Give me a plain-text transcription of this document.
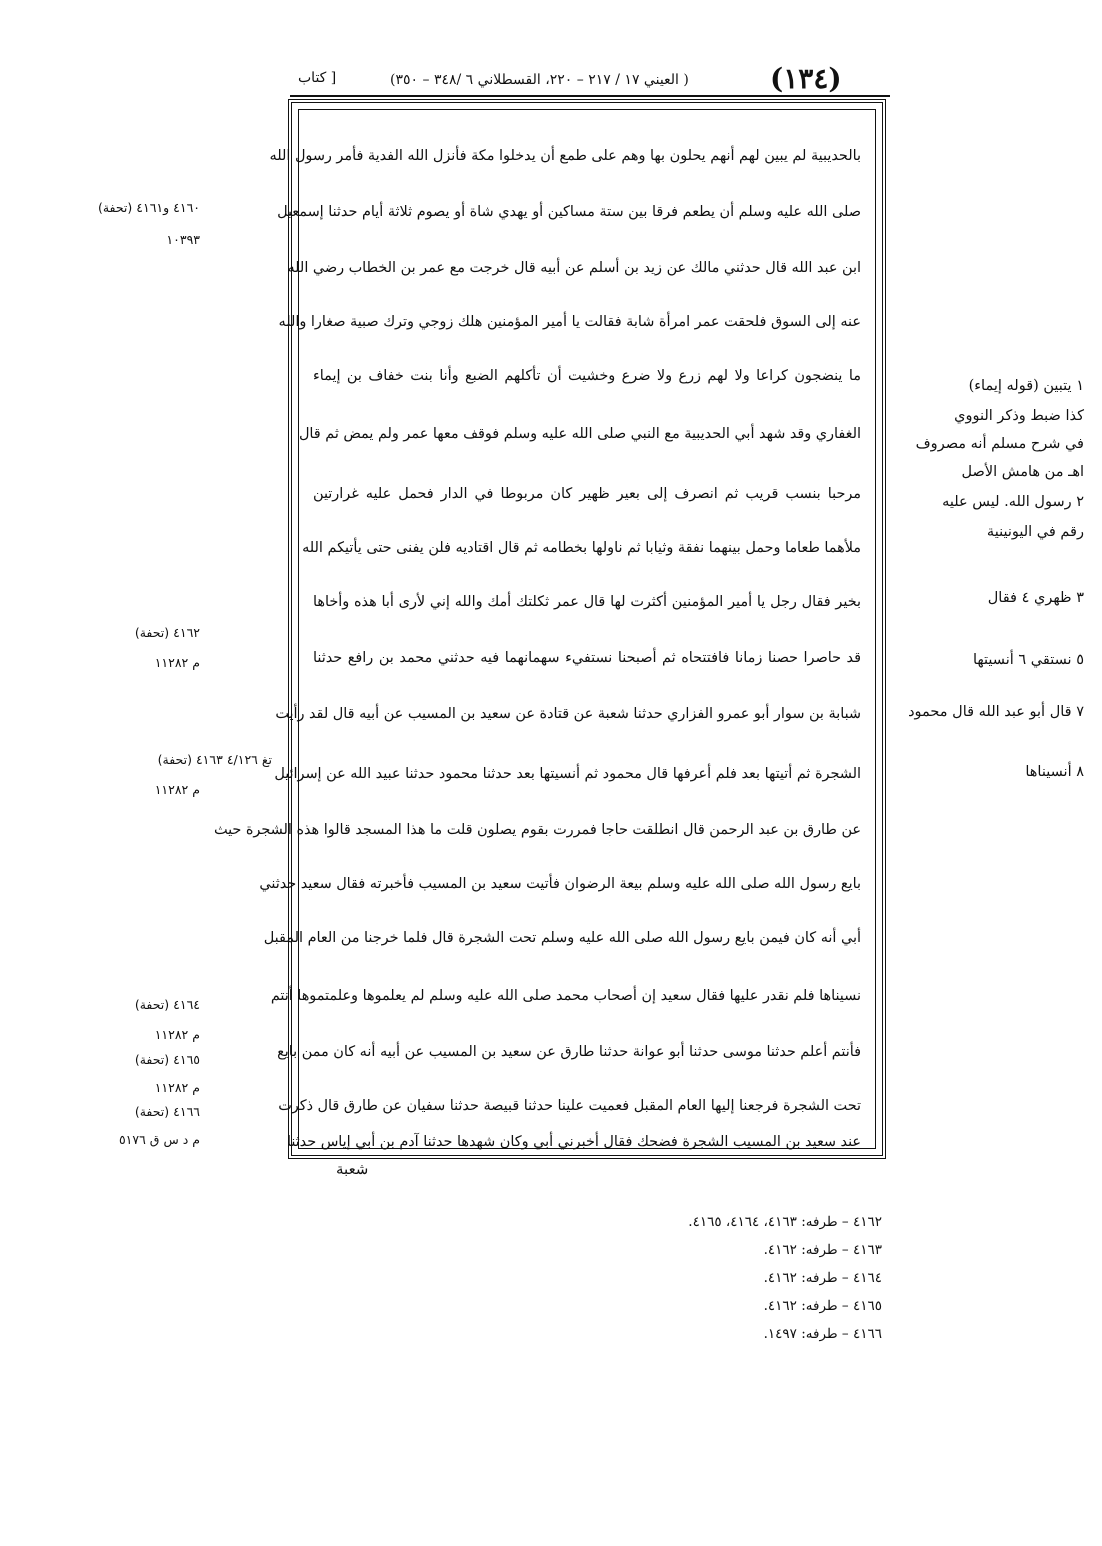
[ كتاب	( العيني ١٧ / ٢١٧ – ٢٢٠، القسطلاني ٦ /٣٤٨ – ٣٥٠)
(	١٣٤ )
بالحديبية لم يبين لهم أنهم يحلون بها وهم على طمع أن يدخلوا مكة فأنزل الله الفدية فأمر رسول الله
صلى الله عليه وسلم أن يطعم فرقا بين ستة مساكين أو يهدي شاة أو يصوم ثلاثة أيام حدثنا إسمعيل
ابن عبد الله قال حدثني مالك عن زيد بن أسلم عن أبيه قال خرجت مع عمر بن الخطاب رضي الله
عنه إلى السوق فلحقت عمر امرأة شابة فقالت يا أمير المؤمنين هلك زوجي وترك صبية صغارا والله
ما ينضجون كراعا ولا لهم زرع ولا ضرع وخشيت أن تأكلهم الضبع وأنا بنت خفاف بن إيماء
الغفاري وقد شهد أبي الحديبية مع النبي صلى الله عليه وسلم فوقف معها عمر ولم يمض ثم قال
مرحبا بنسب قريب ثم انصرف إلى بعير ظهير كان مربوطا في الدار فحمل عليه غرارتين
ملأهما طعاما وحمل بينهما نفقة وثيابا ثم ناولها بخطامه ثم قال اقتاديه فلن يفنى حتى يأتيكم الله
بخير فقال رجل يا أمير المؤمنين أكثرت لها قال عمر ثكلتك أمك والله إني لأرى أبا هذه وأخاها
قد حاصرا حصنا زمانا فافتتحاه ثم أصبحنا نستفيء سهمانهما فيه حدثني محمد بن رافع حدثنا
شبابة بن سوار أبو عمرو الفزاري حدثنا شعبة عن قتادة عن سعيد بن المسيب عن أبيه قال لقد رأيت
الشجرة ثم أتيتها بعد فلم أعرفها قال محمود ثم أنسيتها بعد حدثنا محمود حدثنا عبيد الله عن إسرائيل
عن طارق بن عبد الرحمن قال انطلقت حاجا فمررت بقوم يصلون قلت ما هذا المسجد قالوا هذه الشجرة حيث
بايع رسول الله صلى الله عليه وسلم بيعة الرضوان فأتيت سعيد بن المسيب فأخبرته فقال سعيد حدثني
أبي أنه كان فيمن بايع رسول الله صلى الله عليه وسلم تحت الشجرة قال فلما خرجنا من العام المقبل
نسيناها فلم نقدر عليها فقال سعيد إن أصحاب محمد صلى الله عليه وسلم لم يعلموها وعلمتموها أنتم
فأنتم أعلم حدثنا موسى حدثنا أبو عوانة حدثنا طارق عن سعيد بن المسيب عن أبيه أنه كان ممن بايع
تحت الشجرة فرجعنا إليها العام المقبل فعميت علينا حدثنا قبيصة حدثنا سفيان عن طارق قال ذكرت
عند سعيد بن المسيب الشجرة فضحك فقال أخبرني أبي وكان شهدها حدثنا آدم بن أبي إياس حدثنا
شعبة
٤١٦٠ و٤١٦١ (تحفة)
١٠٣٩٣
٤١٦٢ (تحفة)
م ١١٢٨٢
تغ ٤/١٢٦ ٤١٦٣ (تحفة)
م ١١٢٨٢
٤١٦٤ (تحفة)
م ١١٢٨٢
٤١٦٥ (تحفة)
م ١١٢٨٢
٤١٦٦ (تحفة)
م د س ق ٥١٧٦
١ يتبين (قوله إيماء)
كذا ضبط وذكر النووي
في شرح مسلم أنه مصروف
اهـ من هامش الأصل
٢ رسول الله. ليس عليه
رقم في اليونينية
٣ ظهري ٤ فقال
٥ نستقي ٦ أنسيتها
٧ قال أبو عبد الله قال محمود
٨ أنسيناها
٤١٦٢ – طرفه: ٤١٦٣، ٤١٦٤، ٤١٦٥.
٤١٦٣ – طرفه: ٤١٦٢.
٤١٦٤ – طرفه: ٤١٦٢.
٤١٦٥ – طرفه: ٤١٦٢.
٤١٦٦ – طرفه: ١٤٩٧.
